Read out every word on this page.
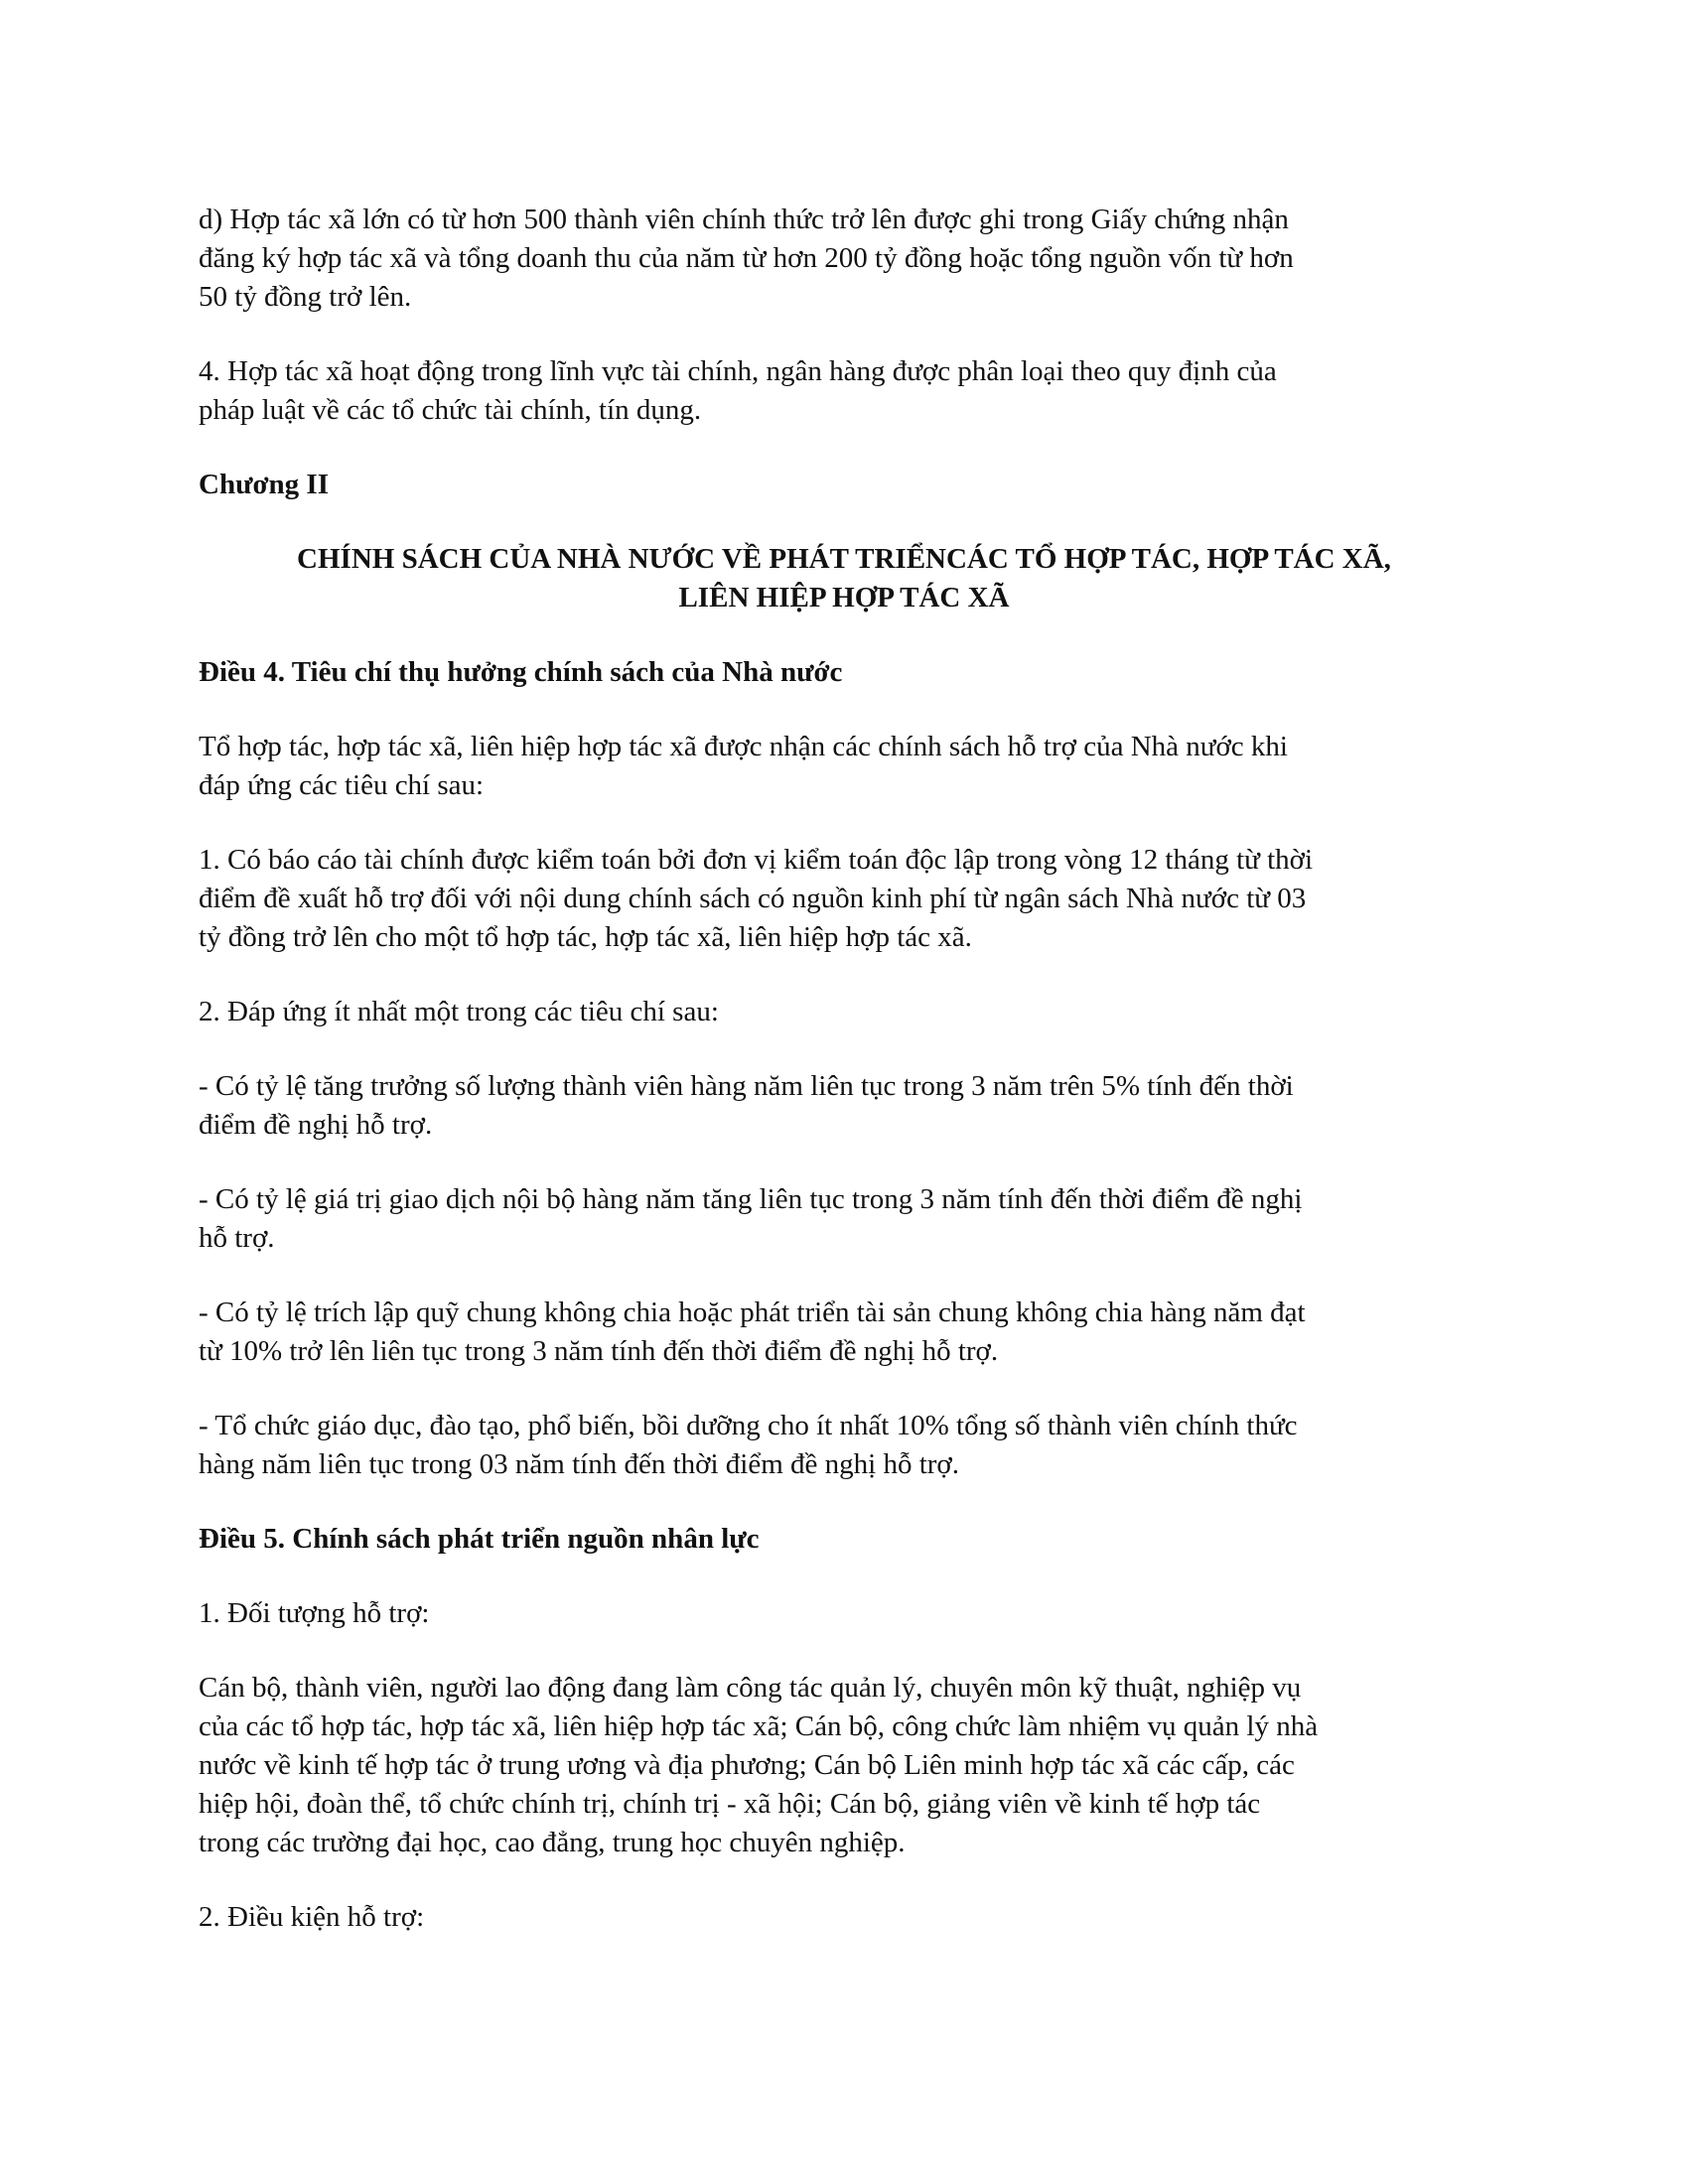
d) Hợp tác xã lớn có từ hơn 500 thành viên chính thức trở lên được ghi trong Giấy chứng nhận
đăng ký hợp tác xã và tổng doanh thu của năm từ hơn 200 tỷ đồng hoặc tổng nguồn vốn từ hơn
50 tỷ đồng trở lên.

4. Hợp tác xã hoạt động trong lĩnh vực tài chính, ngân hàng được phân loại theo quy định của
pháp luật về các tổ chức tài chính, tín dụng.

Chương II

CHÍNH SÁCH CỦA NHÀ NƯỚC VỀ PHÁT TRIỂNCÁC TỔ HỢP TÁC, HỢP TÁC XÃ,
LIÊN HIỆP HỢP TÁC XÃ

Điều 4. Tiêu chí thụ hưởng chính sách của Nhà nước

Tổ hợp tác, hợp tác xã, liên hiệp hợp tác xã được nhận các chính sách hỗ trợ của Nhà nước khi
đáp ứng các tiêu chí sau:

1. Có báo cáo tài chính được kiểm toán bởi đơn vị kiểm toán độc lập trong vòng 12 tháng từ thời
điểm đề xuất hỗ trợ đối với nội dung chính sách có nguồn kinh phí từ ngân sách Nhà nước từ 03
tỷ đồng trở lên cho một tổ hợp tác, hợp tác xã, liên hiệp hợp tác xã.

2. Đáp ứng ít nhất một trong các tiêu chí sau:

- Có tỷ lệ tăng trưởng số lượng thành viên hàng năm liên tục trong 3 năm trên 5% tính đến thời
điểm đề nghị hỗ trợ.

- Có tỷ lệ giá trị giao dịch nội bộ hàng năm tăng liên tục trong 3 năm tính đến thời điểm đề nghị
hỗ trợ.

- Có tỷ lệ trích lập quỹ chung không chia hoặc phát triển tài sản chung không chia hàng năm đạt
từ 10% trở lên liên tục trong 3 năm tính đến thời điểm đề nghị hỗ trợ.

- Tổ chức giáo dục, đào tạo, phổ biến, bồi dưỡng cho ít nhất 10% tổng số thành viên chính thức
hàng năm liên tục trong 03 năm tính đến thời điểm đề nghị hỗ trợ.

Điều 5. Chính sách phát triển nguồn nhân lực

1. Đối tượng hỗ trợ:

Cán bộ, thành viên, người lao động đang làm công tác quản lý, chuyên môn kỹ thuật, nghiệp vụ
của các tổ hợp tác, hợp tác xã, liên hiệp hợp tác xã; Cán bộ, công chức làm nhiệm vụ quản lý nhà
nước về kinh tế hợp tác ở trung ương và địa phương; Cán bộ Liên minh hợp tác xã các cấp, các
hiệp hội, đoàn thể, tổ chức chính trị, chính trị - xã hội; Cán bộ, giảng viên về kinh tế hợp tác
trong các trường đại học, cao đẳng, trung học chuyên nghiệp.

2. Điều kiện hỗ trợ:
